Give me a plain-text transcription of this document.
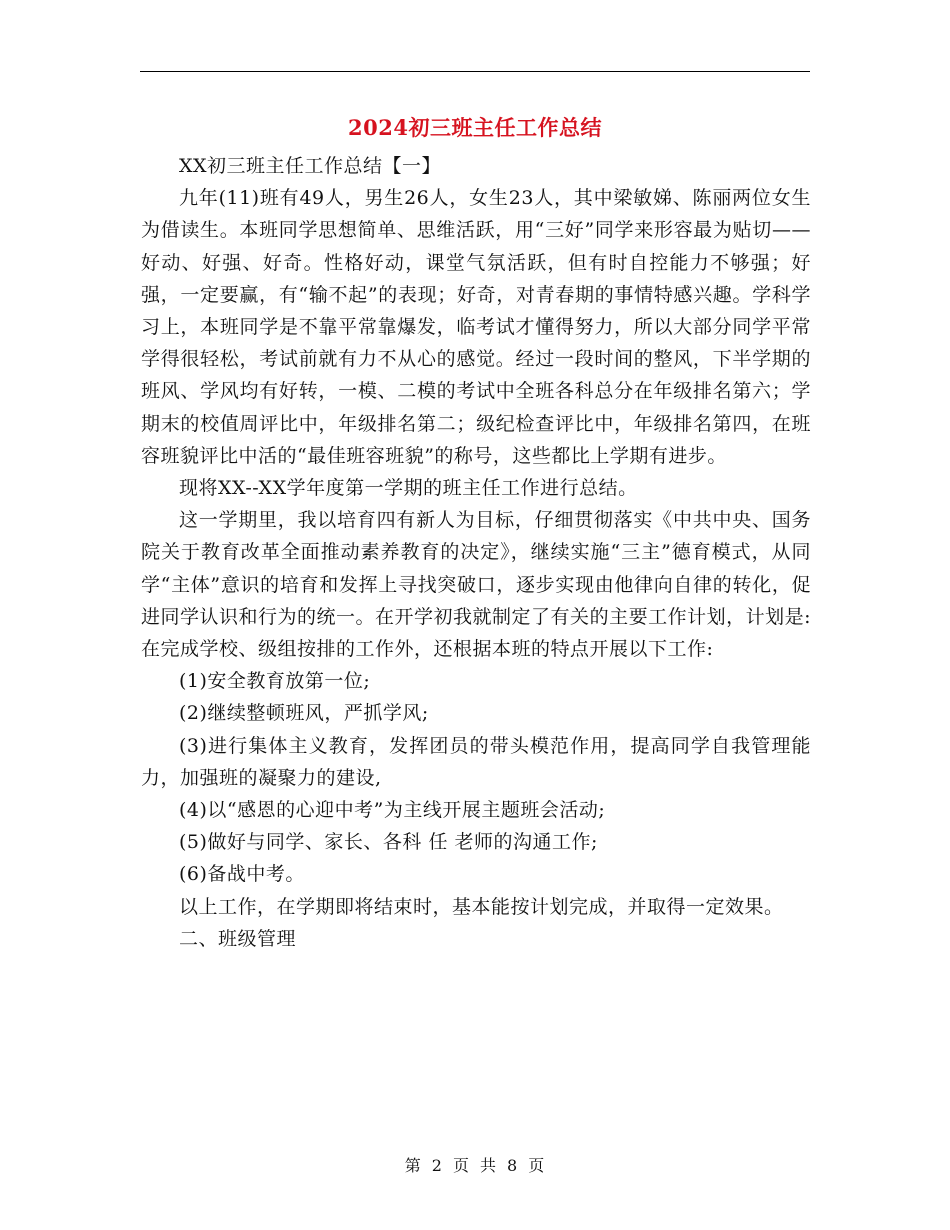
2024初三班主任工作总结

XX初三班主任工作总结【一】

九年(11)班有49人，男生26人，女生23人，其中梁敏娣、陈丽两位女生为借读生。本班同学思想简单、思维活跃，用“三好”同学来形容最为贴切——好动、好强、好奇。性格好动，课堂气氛活跃，但有时自控能力不够强；好强，一定要赢，有“输不起”的表现；好奇，对青春期的事情特感兴趣。学科学习上，本班同学是不靠平常靠爆发，临考试才懂得努力，所以大部分同学平常学得很轻松，考试前就有力不从心的感觉。经过一段时间的整风，下半学期的班风、学风均有好转，一模、二模的考试中全班各科总分在年级排名第六；学期末的校值周评比中，年级排名第二；级纪检查评比中，年级排名第四，在班容班貌评比中活的“最佳班容班貌”的称号，这些都比上学期有进步。

现将XX--XX学年度第一学期的班主任工作进行总结。

这一学期里，我以培育四有新人为目标，仔细贯彻落实《中共中央、国务院关于教育改革全面推动素养教育的决定》，继续实施“三主”德育模式，从同学“主体”意识的培育和发挥上寻找突破口，逐步实现由他律向自律的转化，促进同学认识和行为的统一。在开学初我就制定了有关的主要工作计划，计划是:在完成学校、级组按排的工作外，还根据本班的特点开展以下工作:

(1)安全教育放第一位;

(2)继续整顿班风，严抓学风;

(3)进行集体主义教育，发挥团员的带头模范作用，提高同学自我管理能力，加强班的凝聚力的建设,

(4)以“感恩的心迎中考”为主线开展主题班会活动;

(5)做好与同学、家长、各科 任 老师的沟通工作;

(6)备战中考。

以上工作，在学期即将结束时，基本能按计划完成，并取得一定效果。

二、班级管理

第 2 页 共 8 页
